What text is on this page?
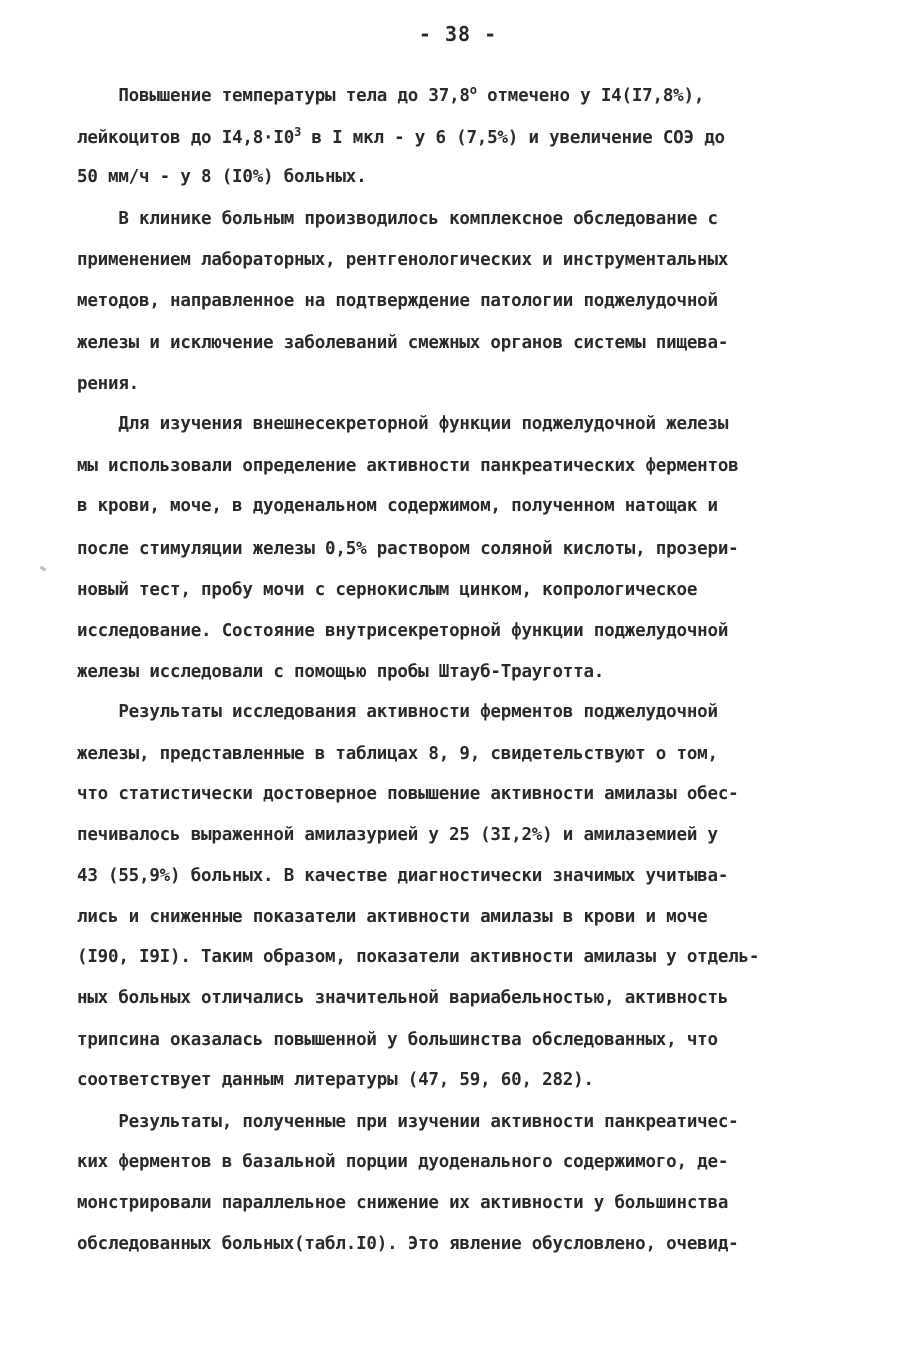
- 38 -
Повышение температуры тела до 37,8$^o$ отмечено у I4(I7,8%),
лейкоцитов до $I4,8\cdot I0^3$ в I мкл - у 6 (7,5%) и увеличение СОЭ до
50 мм/ч - у 8 (I0%) больных.
В клинике больным производилось комплексное обследование с
применением лабораторных, рентгенологических и инструментальных
методов, направленное на подтверждение патологии поджелудочной
железы и исключение заболеваний смежных органов системы пищева-
рения.
Для изучения внешнесекреторной функции поджелудочной железы
мы использовали определение активности панкреатических ферментов
в крови, моче, в дуоденальном содержимом, полученном натощак и
после стимуляции железы 0,5% раствором соляной кислоты, прозери-
новый тест, пробу мочи с сернокислым цинком, копрологическое
исследование. Состояние внутрисекреторной функции поджелудочной
железы исследовали с помощью пробы Штауб-Трауготта.
Результаты исследования активности ферментов поджелудочной
железы, представленные в таблицах 8, 9, свидетельствуют о том,
что статистически достоверное повышение активности амилазы обес-
печивалось выраженной амилазурией у 25 (3I,2%) и амилаземией у
43 (55,9%) больных. В качестве диагностически значимых учитыва-
лись и сниженные показатели активности амилазы в крови и моче
(I90, I9I). Таким образом, показатели активности амилазы у отдель-
ных больных отличались значительной вариабельностью, активность
трипсина оказалась повышенной у большинства обследованных, что
соответствует данным литературы (47, 59, 60, 282).
Результаты, полученные при изучении активности панкреатичес-
ких ферментов в базальной порции дуоденального содержимого, де-
монстрировали параллельное снижение их активности у большинства
обследованных больных(табл.I0). Это явление обусловлено, очевид-
